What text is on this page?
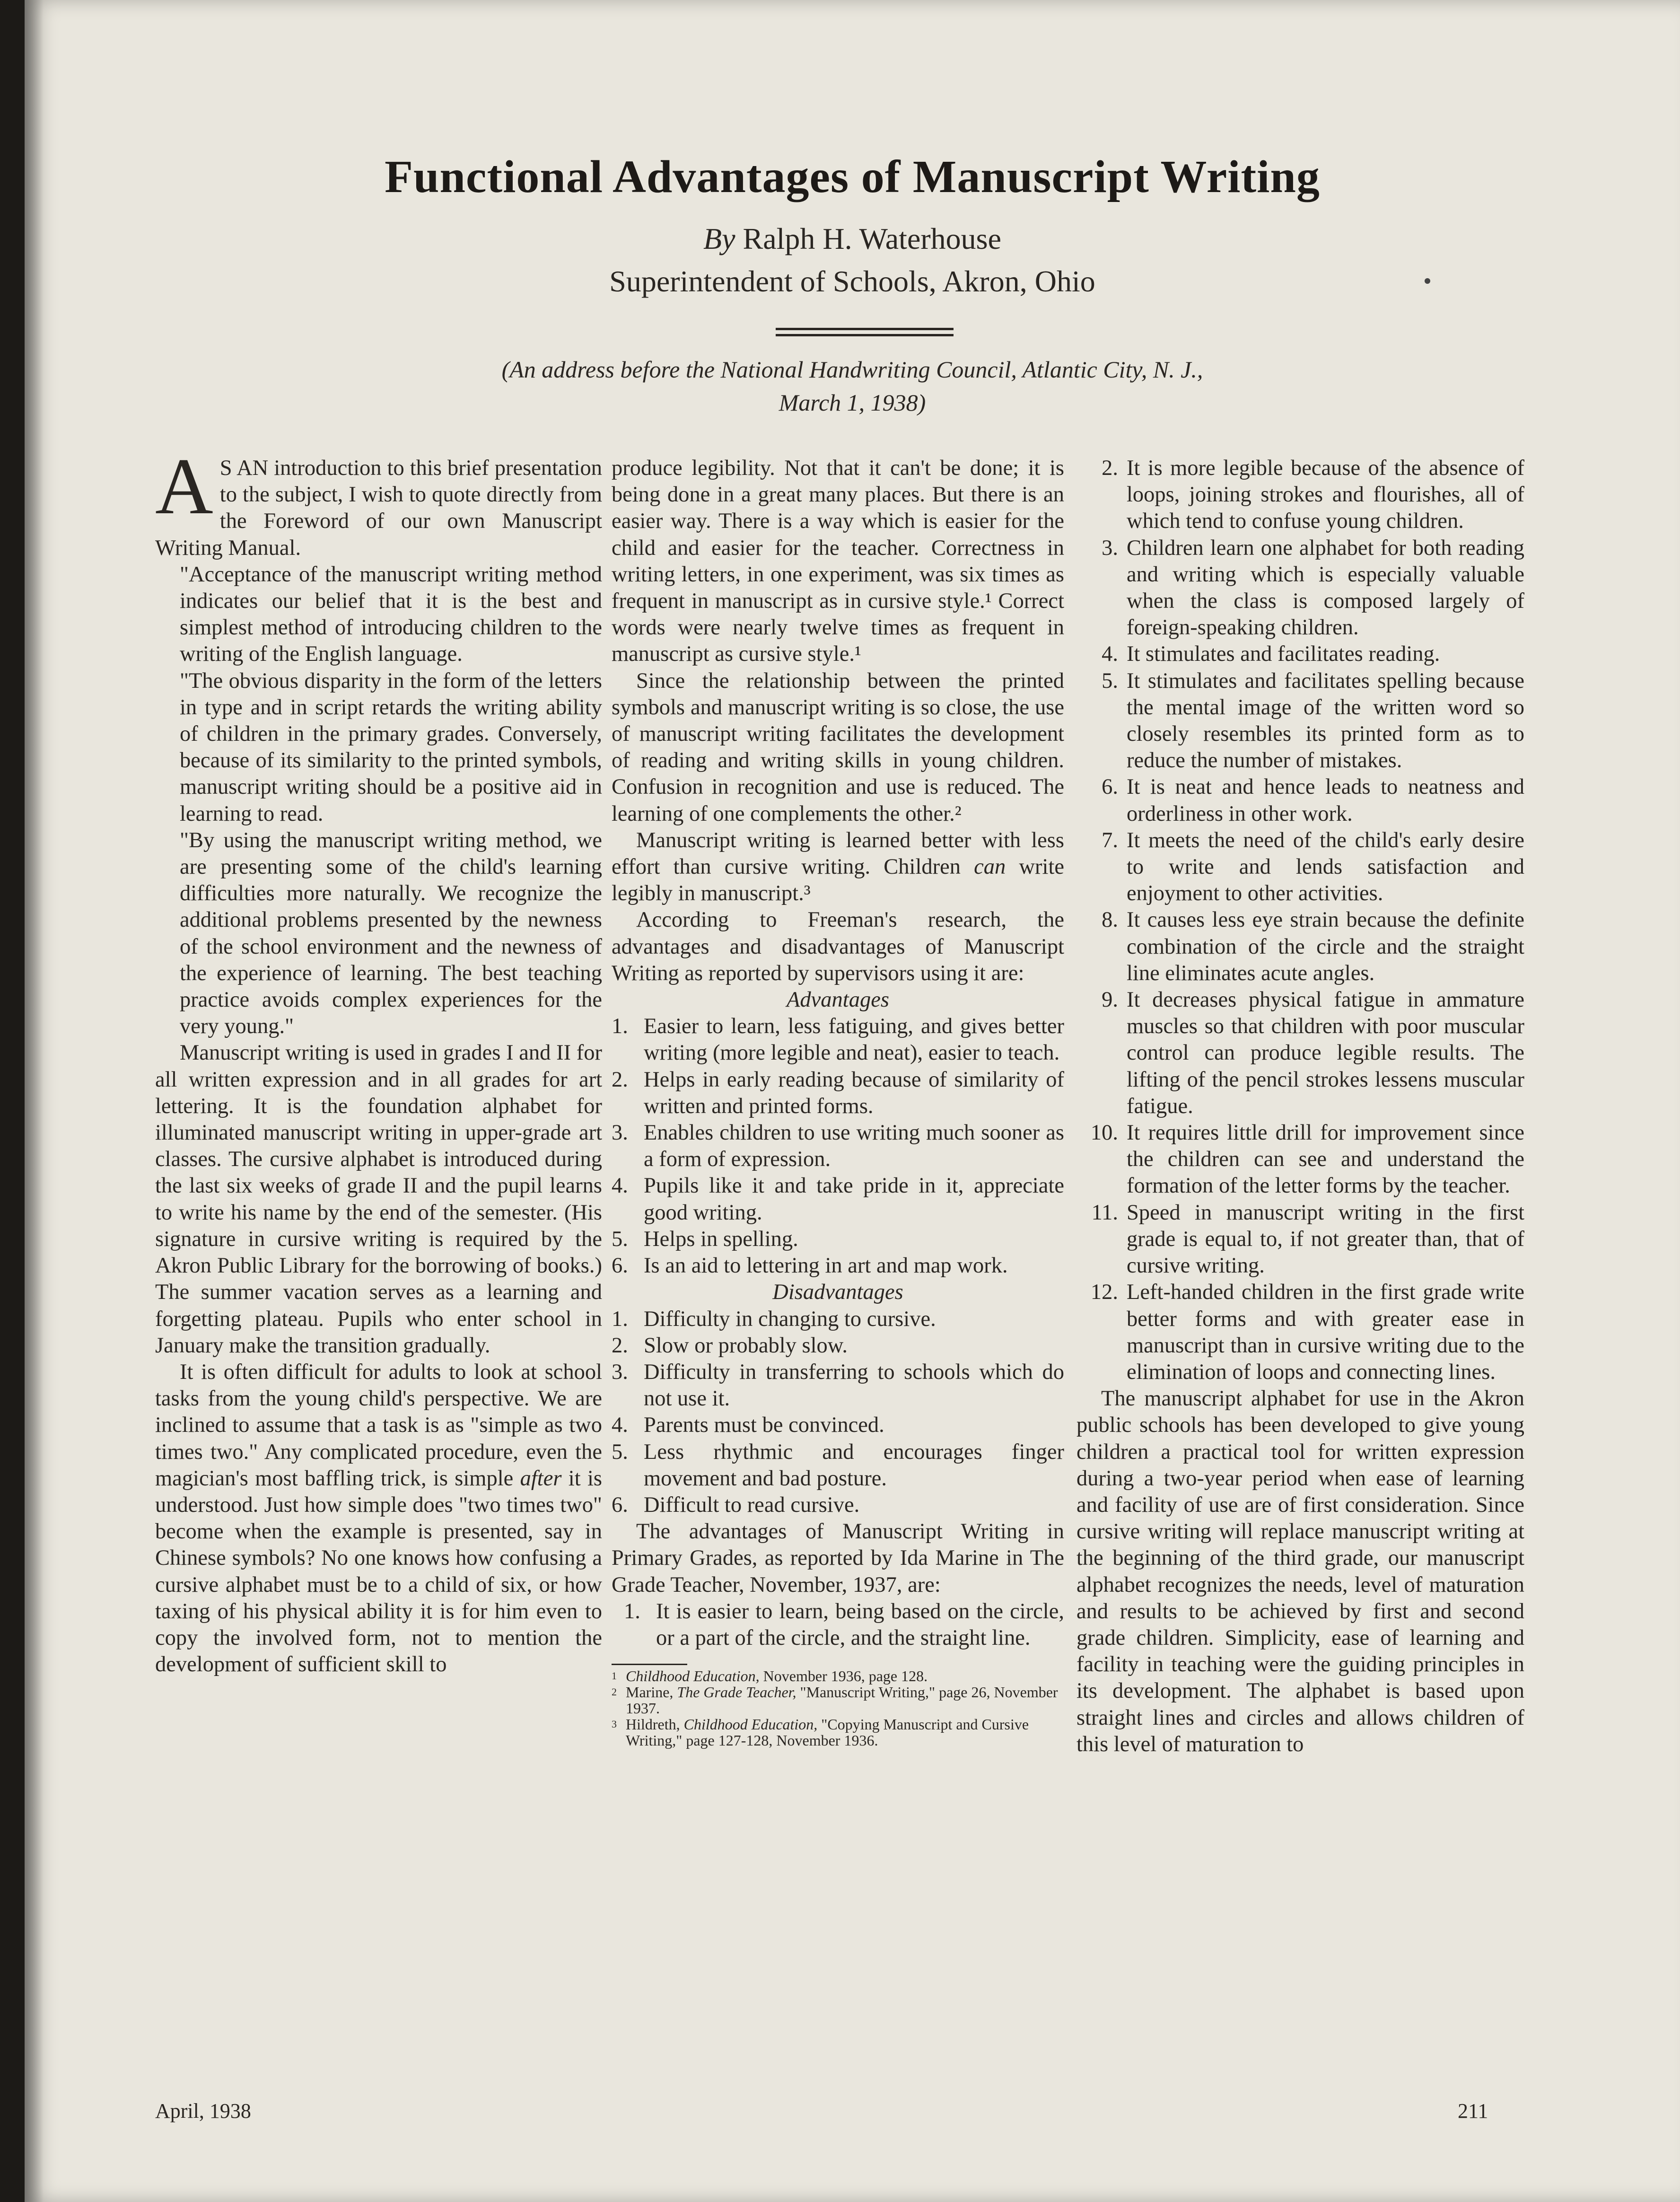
Functional Advantages of Manuscript Writing
By Ralph H. Waterhouse
Superintendent of Schools, Akron, Ohio
(An address before the National Handwriting Council, Atlantic City, N. J.,
March 1, 1938)

A S AN introduction to this brief presentation to the subject, I wish to quote directly from the Foreword of our own Manuscript Writing Manual.

"Acceptance of the manuscript writing method indicates our belief that it is the best and simplest method of introducing children to the writing of the English language.

"The obvious disparity in the form of the letters in type and in script retards the writing ability of children in the primary grades. Conversely, because of its similarity to the printed symbols, manuscript writing should be a positive aid in learning to read.

"By using the manuscript writing method, we are presenting some of the child's learning difficulties more naturally. We recognize the additional problems presented by the newness of the school environment and the newness of the experience of learning. The best teaching practice avoids complex experiences for the very young."

Manuscript writing is used in grades I and II for all written expression and in all grades for art lettering. It is the foundation alphabet for illuminated manuscript writing in upper-grade art classes. The cursive alphabet is introduced during the last six weeks of grade II and the pupil learns to write his name by the end of the semester. (His signature in cursive writing is required by the Akron Public Library for the borrowing of books.) The summer vacation serves as a learning and forgetting plateau. Pupils who enter school in January make the transition gradually.

It is often difficult for adults to look at school tasks from the young child's perspective. We are inclined to assume that a task is as "simple as two times two." Any complicated procedure, even the magician's most baffling trick, is simple after it is understood. Just how simple does "two times two" become when the example is presented, say in Chinese symbols? No one knows how confusing a cursive alphabet must be to a child of six, or how taxing of his physical ability it is for him even to copy the involved form, not to mention the development of sufficient skill to

produce legibility. Not that it can't be done; it is being done in a great many places. But there is an easier way. There is a way which is easier for the child and easier for the teacher. Correctness in writing letters, in one experiment, was six times as frequent in manuscript as in cursive style.¹ Correct words were nearly twelve times as frequent in manuscript as cursive style.¹

Since the relationship between the printed symbols and manuscript writing is so close, the use of manuscript writing facilitates the development of reading and writing skills in young children. Confusion in recognition and use is reduced. The learning of one complements the other.²

Manuscript writing is learned better with less effort than cursive writing. Children can write legibly in manuscript.³

According to Freeman's research, the advantages and disadvantages of Manuscript Writing as reported by supervisors using it are:

Advantages

1. Easier to learn, less fatiguing, and gives better writing (more legible and neat), easier to teach.
2. Helps in early reading because of similarity of written and printed forms.
3. Enables children to use writing much sooner as a form of expression.
4. Pupils like it and take pride in it, appreciate good writing.
5. Helps in spelling.
6. Is an aid to lettering in art and map work.

Disadvantages

1. Difficulty in changing to cursive.
2. Slow or probably slow.
3. Difficulty in transferring to schools which do not use it.
4. Parents must be convinced.
5. Less rhythmic and encourages finger movement and bad posture.
6. Difficult to read cursive.

The advantages of Manuscript Writing in Primary Grades, as reported by Ida Marine in The Grade Teacher, November, 1937, are:

1. It is easier to learn, being based on the circle, or a part of the circle, and the straight line.
1 Childhood Education, November 1936, page 128.
2 Marine, The Grade Teacher, "Manuscript Writing," page 26, November 1937.
3 Hildreth, Childhood Education, "Copying Manuscript and Cursive Writing," page 127-128, November 1936.
2. It is more legible because of the absence of loops, joining strokes and flourishes, all of which tend to confuse young children.
3. Children learn one alphabet for both reading and writing which is especially valuable when the class is composed largely of foreign-speaking children.
4. It stimulates and facilitates reading.
5. It stimulates and facilitates spelling because the mental image of the written word so closely resembles its printed form as to reduce the number of mistakes.
6. It is neat and hence leads to neatness and orderliness in other work.
7. It meets the need of the child's early desire to write and lends satisfaction and enjoyment to other activities.
8. It causes less eye strain because the definite combination of the circle and the straight line eliminates acute angles.
9. It decreases physical fatigue in ammature muscles so that children with poor muscular control can produce legible results. The lifting of the pencil strokes lessens muscular fatigue.
10. It requires little drill for improvement since the children can see and understand the formation of the letter forms by the teacher.
11. Speed in manuscript writing in the first grade is equal to, if not greater than, that of cursive writing.
12. Left-handed children in the first grade write better forms and with greater ease in manuscript than in cursive writing due to the elimination of loops and connecting lines.

The manuscript alphabet for use in the Akron public schools has been developed to give young children a practical tool for written expression during a two-year period when ease of learning and facility of use are of first consideration. Since cursive writing will replace manuscript writing at the beginning of the third grade, our manuscript alphabet recognizes the needs, level of maturation and results to be achieved by first and second grade children. Simplicity, ease of learning and facility in teaching were the guiding principles in its development. The alphabet is based upon straight lines and circles and allows children of this level of maturation to

April, 1938	211
